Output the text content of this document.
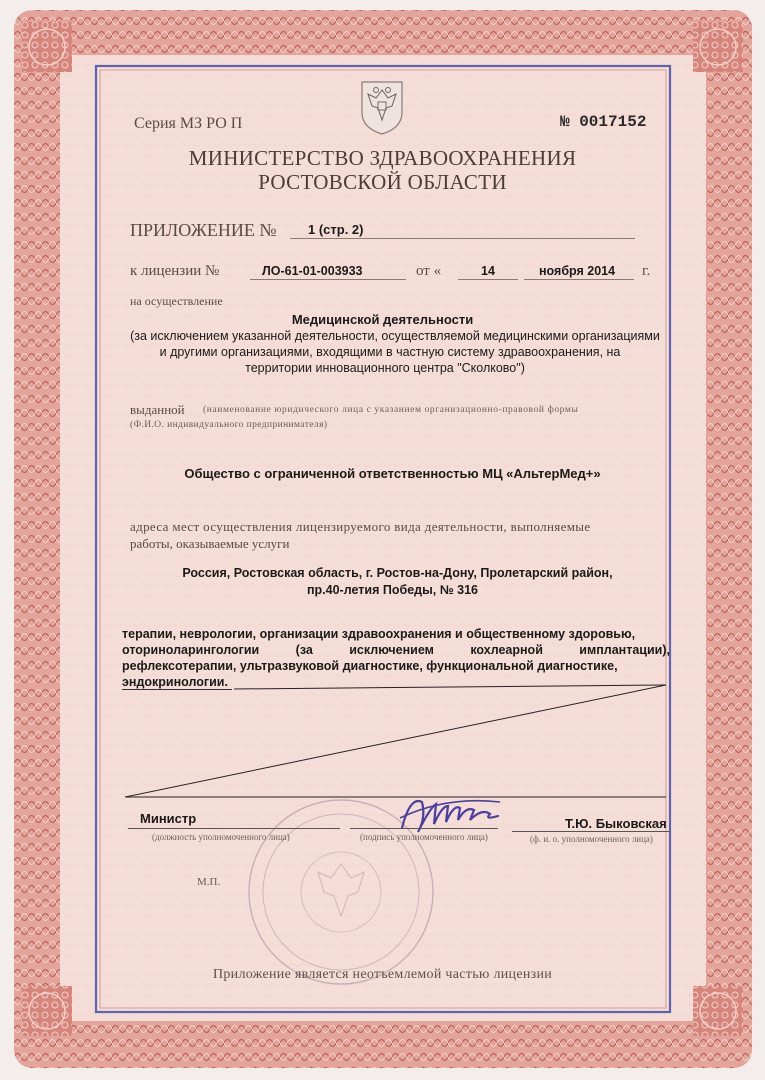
Серия МЗ РО П	№ 0017152
МИНИСТЕРСТВО ЗДРАВООХРАНЕНИЯ
РОСТОВСКОЙ ОБЛАСТИ
ПРИЛОЖЕНИЕ № 1 (стр. 2)
к лицензии №	ЛО-61-01-003933	от «	14	ноября 2014 г.
на осуществление
Медицинской деятельности
(за исключением указанной деятельности, осуществляемой медицинскими организациями
и другими организациями, входящими в частную систему здравоохранения, на
территории инновационного центра "Сколково")
выданной (наименование юридического лица с указанием организационно-правовой формы
(Ф.И.О. индивидуального предпринимателя)
Общество с ограниченной ответственностью МЦ «АльтерМед+»
адреса мест осуществления лицензируемого вида деятельности, выполняемые
работы, оказываемые услуги
Россия, Ростовская область, г. Ростов-на-Дону, Пролетарский район,
пр.40-летия Победы, № 316
терапии, неврологии, организации здравоохранения и общественному здоровью,
оториноларингологии (за исключением кохлеарной имплантации),
рефлексотерапии, ультразвуковой диагностике, функциональной диагностике,
эндокринологии.
Министр
(должность уполномоченного лица)	(подпись уполномоченного лица)
Т.Ю. Быковская
(ф. и. о. уполномоченного лица)
М.П.
Приложение является неотъемлемой частью лицензии
